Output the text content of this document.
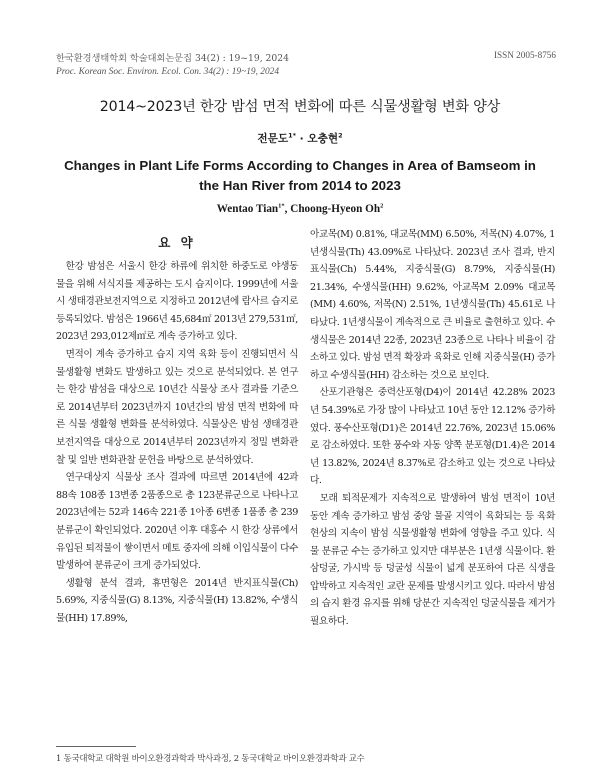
한국환경생태학회 학술대회논문집 34(2) : 19~19, 2024	ISSN 2005-8756
Proc. Korean Soc. Environ. Ecol. Con. 34(2) : 19~19, 2024
2014~2023년 한강 밤섬 면적 변화에 따른 식물생활형 변화 양상
전문도$^{1*}$ · 오충현$^2$
Changes in Plant Life Forms According to Changes in Area of Bamseom in the Han River from 2014 to 2023
Wentao Tian$^{1*}$, Choong-Hyeon Oh$^2$
요 약

한강 밤섬은 서울시 한강 하류에 위치한 하중도로 야생동물을 위해 서식지를 제공하는 도시 습지이다. 1999년에 서울시 생태경관보전지역으로 지정하고 2012년에 람사르 습지로 등록되었다. 밤섬은 1966년 45,684㎡ 2013년 279,531㎡, 2023년 293,012제㎡로 계속 증가하고 있다.

면적이 계속 증가하고 습지 지역 육화 등이 진행되면서 식물생활형 변화도 발생하고 있는 것으로 분석되었다. 본 연구는 한강 밤섬을 대상으로 10년간 식물상 조사 결과를 기준으로 2014년부터 2023년까지 10년간의 밤섬 면적 변화에 따른 식물 생활형 변화를 분석하였다. 식물상은 밤섬 생태경관보전지역을 대상으로 2014년부터 2023년까지 정밀 변화관찰 및 일반 변화관찰 문헌을 바탕으로 분석하였다.

연구대상지 식물상 조사 결과에 따르면 2014년에 42과 88속 108종 13변종 2품종으로 총 123분류군으로 나타나고 2023년에는 52과 146속 221종 1아종 6변종 1품종 총 239분류군이 확인되었다. 2020년 이후 대홍수 시 한강 상류에서 유입된 퇴적물이 쌓이면서 메토 중자에 의해 이입식물이 다수 발생하여 분류군이 크게 증가되었다.

생활형 분석 결과, 휴면형은 2014년 반지표식물(Ch) 5.69%, 지중식물(G) 8.13%, 지중식물(H) 13.82%, 수생식물(HH) 17.89%,

아교목(M) 0.81%, 대교목(MM) 6.50%, 저목(N) 4.07%, 1년생식물(Th) 43.09%로 나타났다. 2023년 조사 결과, 반지표식물(Ch) 5.44%, 지중식물(G) 8.79%, 지중식물(H) 21.34%, 수생식물(HH) 9.62%, 아교목M 2.09% 대교목(MM) 4.60%, 저목(N) 2.51%, 1년생식물(Th) 45.61로 나타났다. 1년생식물이 계속적으로 큰 비율로 출현하고 있다. 수생식물은 2014년 22종, 2023년 23종으로 나타나 비율이 감소하고 있다. 밤섬 면적 확장과 육화로 인해 지중식물(H) 증가하고 수생식물(HH) 감소하는 것으로 보인다.

산포기관형은 중력산포형(D4)이 2014년 42.28% 2023년 54.39%로 가장 많이 나타났고 10년 동안 12.12% 증가하였다. 풍수산포형(D1)은 2014년 22.76%, 2023년 15.06%로 감소하였다. 또한 풍수와 자동 양쪽 분포형(D1.4)은 2014년 13.82%, 2024년 8.37%로 감소하고 있는 것으로 나타났다.

모래 퇴적문제가 지속적으로 발생하여 밤섬 면적이 10년 동안 계속 증가하고 밤섬 중앙 물골 지역이 육화되는 등 육화현상의 지속이 밤섬 식물생활형 변화에 영향을 주고 있다. 식물 분류군 수는 증가하고 있지만 대부분은 1년생 식물이다. 환삼덩굴, 가시박 등 덩굴성 식물이 넓게 분포하여 다른 식생을 압박하고 지속적인 교란 문제를 발생시키고 있다. 따라서 밤섬의 습지 환경 유지를 위해 당분간 지속적인 덩굴식물을 제거가 필요하다.

1 동국대학교 대학원 바이오환경과학과 박사과정, 2 동국대학교 바이오환경과학과 교수
